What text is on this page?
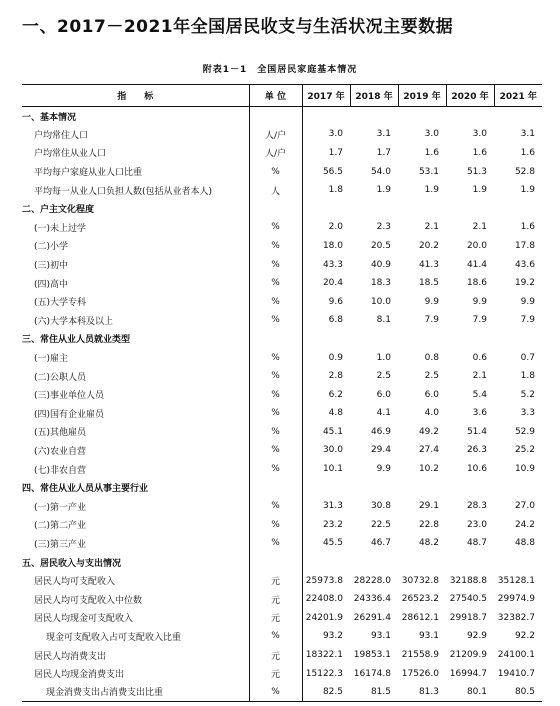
一、2017－2021年全国居民收支与生活状况主要数据
附表1－1　全国居民家庭基本情况
指　　标	单 位	2017 年	2018 年	2019 年	2020 年	2021 年
一、基本情况						
户均常住人口	人/户	3.0	3.1	3.0	3.0	3.1
户均常住从业人口	人/户	1.7	1.7	1.6	1.6	1.6
平均每户家庭从业人口比重	%	56.5	54.0	53.1	51.3	52.8
平均每一从业人口负担人数(包括从业者本人)	人	1.8	1.9	1.9	1.9	1.9
二、户主文化程度						
(一)未上过学	%	2.0	2.3	2.1	2.1	1.6
(二)小学	%	18.0	20.5	20.2	20.0	17.8
(三)初中	%	43.3	40.9	41.3	41.4	43.6
(四)高中	%	20.4	18.3	18.5	18.6	19.2
(五)大学专科	%	9.6	10.0	9.9	9.9	9.9
(六)大学本科及以上	%	6.8	8.1	7.9	7.9	7.9
三、常住从业人员就业类型						
(一)雇主	%	0.9	1.0	0.8	0.6	0.7
(二)公职人员	%	2.8	2.5	2.5	2.1	1.8
(三)事业单位人员	%	6.2	6.0	6.0	5.4	5.2
(四)国有企业雇员	%	4.8	4.1	4.0	3.6	3.3
(五)其他雇员	%	45.1	46.9	49.2	51.4	52.9
(六)农业自营	%	30.0	29.4	27.4	26.3	25.2
(七)非农自营	%	10.1	9.9	10.2	10.6	10.9
四、常住从业人员从事主要行业						
(一)第一产业	%	31.3	30.8	29.1	28.3	27.0
(二)第二产业	%	23.2	22.5	22.8	23.0	24.2
(三)第三产业	%	45.5	46.7	48.2	48.7	48.8
五、居民收入与支出情况						
居民人均可支配收入	元	25973.8	28228.0	30732.8	32188.8	35128.1
居民人均可支配收入中位数	元	22408.0	24336.4	26523.2	27540.5	29974.9
居民人均现金可支配收入	元	24201.9	26291.4	28612.1	29918.7	32382.7
现金可支配收入占可支配收入比重	%	93.2	93.1	93.1	92.9	92.2
居民人均消费支出	元	18322.1	19853.1	21558.9	21209.9	24100.1
居民人均现金消费支出	元	15122.3	16174.8	17526.0	16994.7	19410.7
现金消费支出占消费支出比重	%	82.5	81.5	81.3	80.1	80.5
